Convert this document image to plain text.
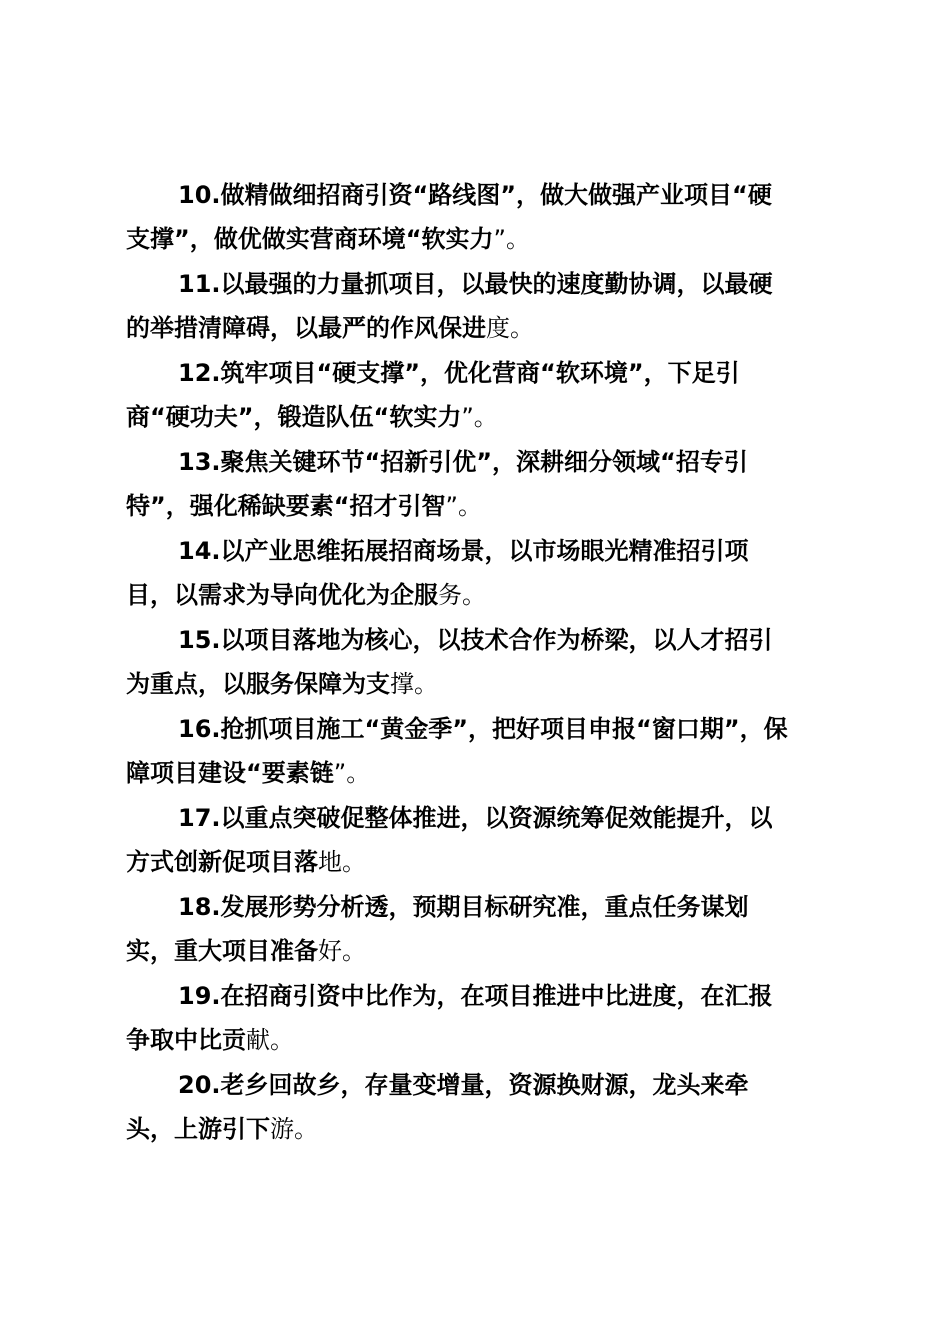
10.做精做细招商引资“路线图”，做大做强产业项目“硬
支撑”，做优做实营商环境“软实力”。

11.以最强的力量抓项目，以最快的速度勤协调，以最硬
的举措清障碍，以最严的作风保进度。

12.筑牢项目“硬支撑”，优化营商“软环境”，下足引
商“硬功夫”，锻造队伍“软实力”。

13.聚焦关键环节“招新引优”，深耕细分领域“招专引
特”，强化稀缺要素“招才引智”。

14.以产业思维拓展招商场景，以市场眼光精准招引项
目，以需求为导向优化为企服务。

15.以项目落地为核心，以技术合作为桥梁，以人才招引
为重点，以服务保障为支撑。

16.抢抓项目施工“黄金季”，把好项目申报“窗口期”，保
障项目建设“要素链”。

17.以重点突破促整体推进，以资源统筹促效能提升，以
方式创新促项目落地。

18.发展形势分析透，预期目标研究准，重点任务谋划
实，重大项目准备好。

19.在招商引资中比作为，在项目推进中比进度，在汇报
争取中比贡献。

20.老乡回故乡，存量变增量，资源换财源，龙头来牵
头，上游引下游。
